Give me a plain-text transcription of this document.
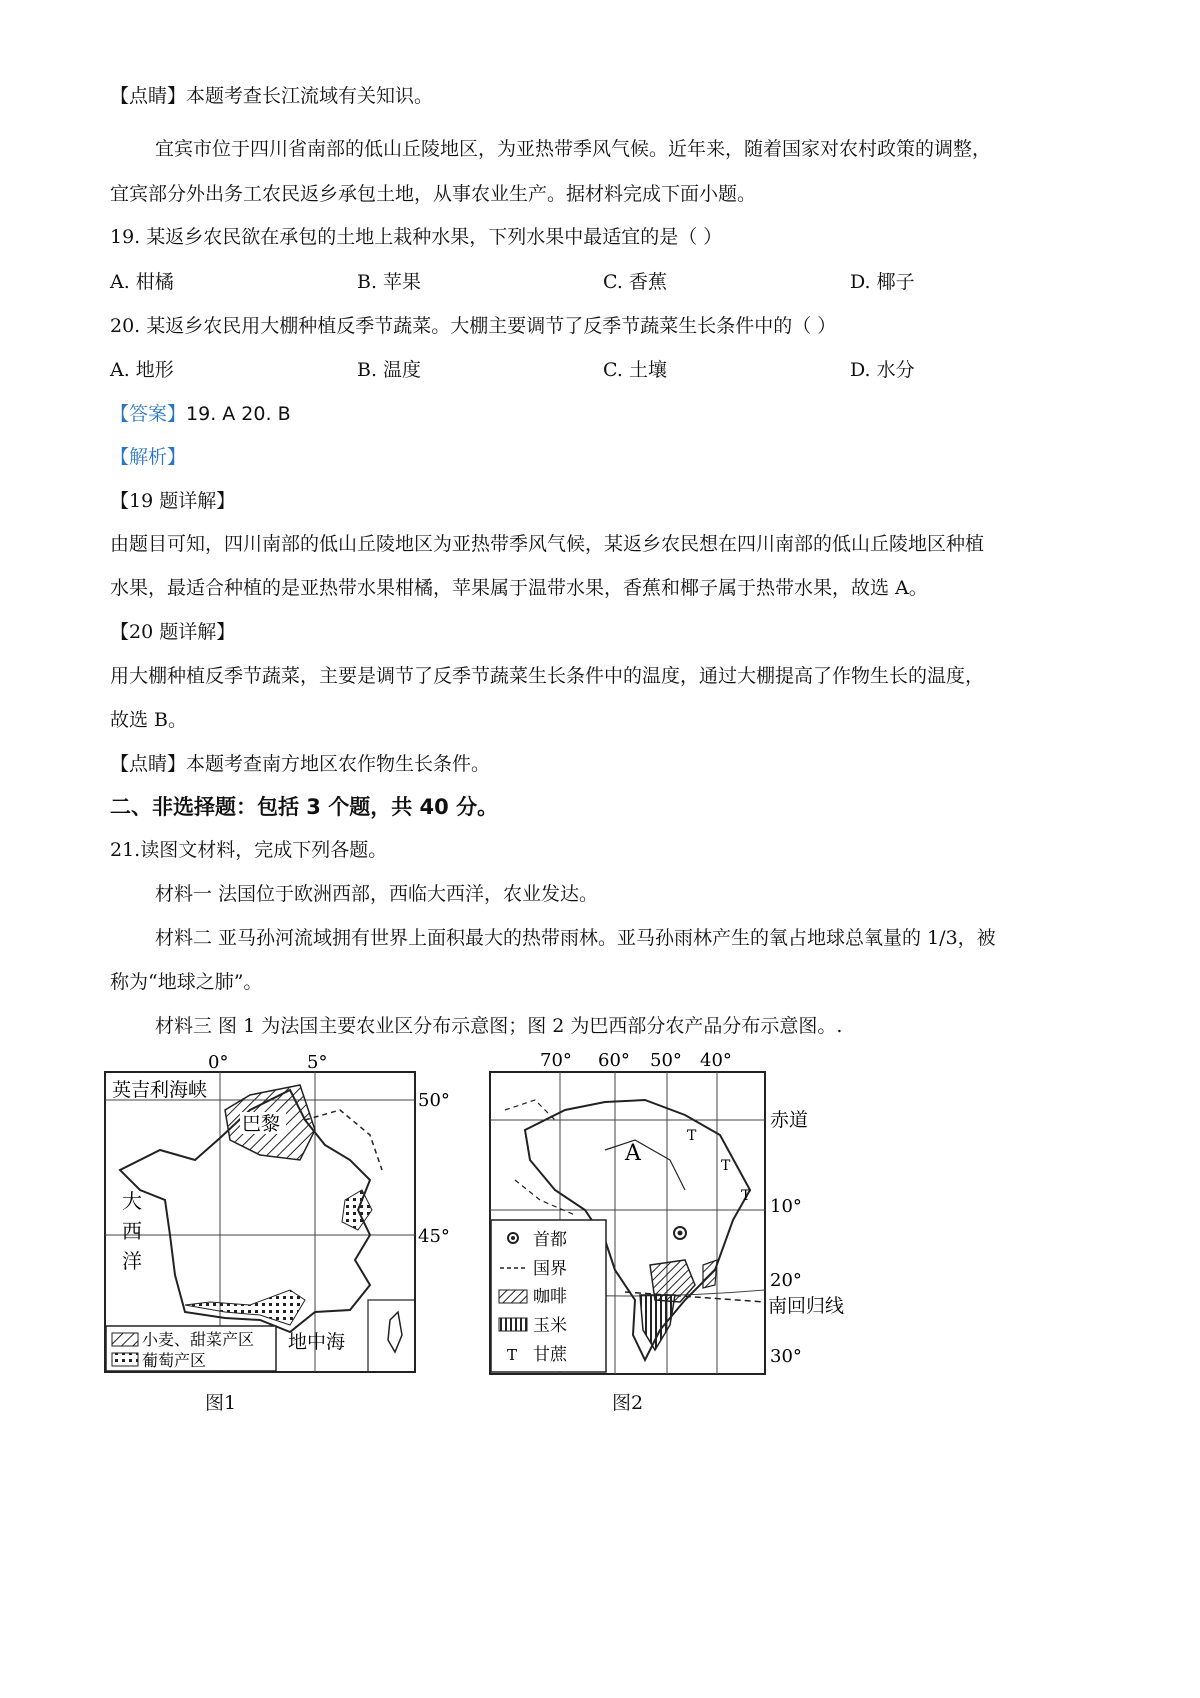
【点睛】本题考查长江流域有关知识。
宜宾市位于四川省南部的低山丘陵地区，为亚热带季风气候。近年来，随着国家对农村政策的调整，
宜宾部分外出务工农民返乡承包土地，从事农业生产。据材料完成下面小题。
19. 某返乡农民欲在承包的土地上栽种水果，下列水果中最适宜的是（ ）
A. 柑橘	B. 苹果	C. 香蕉	D. 椰子
20. 某返乡农民用大棚种植反季节蔬菜。大棚主要调节了反季节蔬菜生长条件中的（ ）
A. 地形	B. 温度	C. 土壤	D. 水分
【答案】19. A 20. B
【解析】
【19 题详解】
由题目可知，四川南部的低山丘陵地区为亚热带季风气候，某返乡农民想在四川南部的低山丘陵地区种植
水果，最适合种植的是亚热带水果柑橘，苹果属于温带水果，香蕉和椰子属于热带水果，故选 A。
【20 题详解】
用大棚种植反季节蔬菜，主要是调节了反季节蔬菜生长条件中的温度，通过大棚提高了作物生长的温度，
故选 B。
【点睛】本题考查南方地区农作物生长条件。
二、非选择题：包括 3 个题，共 40 分。
21.读图文材料，完成下列各题。
材料一 法国位于欧洲西部，西临大西洋，农业发达。
材料二 亚马孙河流域拥有世界上面积最大的热带雨林。亚马孙雨林产生的氧占地球总氧量的 1/3，被
称为“地球之肺”。
材料三 图 1 为法国主要农业区分布示意图；图 2 为巴西部分农产品分布示意图。.
0°	5°
50°
45°
英吉利海峡
巴黎
大
西
洋
地中海
小麦、甜菜产区
葡萄产区
图1
70° 60° 50° 40°
赤道
10°
20°
南回归线
30°
A
T
T
T
首都
国界
咖啡
玉米
T 甘蔗
图2
